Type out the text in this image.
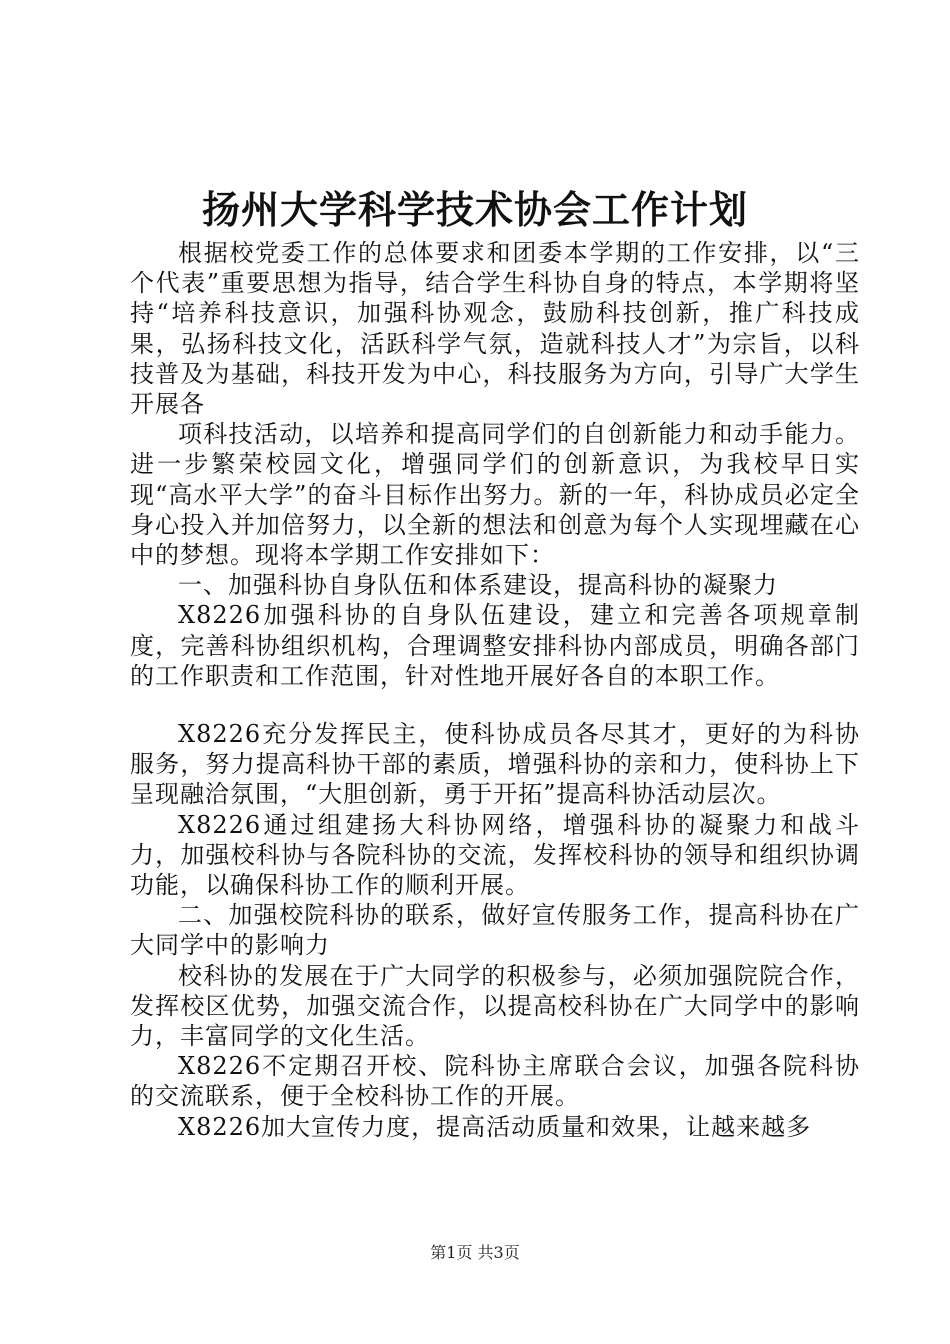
扬州大学科学技术协会工作计划

根据校党委工作的总体要求和团委本学期的工作安排，以“三个代表”重要思想为指导，结合学生科协自身的特点，本学期将坚持“培养科技意识，加强科协观念，鼓励科技创新，推广科技成果，弘扬科技文化，活跃科学气氛，造就科技人才”为宗旨，以科技普及为基础，科技开发为中心，科技服务为方向，引导广大学生开展各

项科技活动，以培养和提高同学们的自创新能力和动手能力。进一步繁荣校园文化，增强同学们的创新意识，为我校早日实现“高水平大学”的奋斗目标作出努力。新的一年，科协成员必定全身心投入并加倍努力，以全新的想法和创意为每个人实现埋藏在心中的梦想。现将本学期工作安排如下：

一、加强科协自身队伍和体系建设，提高科协的凝聚力

X8226加强科协的自身队伍建设，建立和完善各项规章制度，完善科协组织机构，合理调整安排科协内部成员，明确各部门的工作职责和工作范围，针对性地开展好各自的本职工作。

X8226充分发挥民主，使科协成员各尽其才，更好的为科协服务，努力提高科协干部的素质，增强科协的亲和力，使科协上下呈现融洽氛围，“大胆创新，勇于开拓”提高科协活动层次。

X8226通过组建扬大科协网络，增强科协的凝聚力和战斗力，加强校科协与各院科协的交流，发挥校科协的领导和组织协调功能，以确保科协工作的顺利开展。

二、加强校院科协的联系，做好宣传服务工作，提高科协在广大同学中的影响力

校科协的发展在于广大同学的积极参与，必须加强院院合作，发挥校区优势，加强交流合作，以提高校科协在广大同学中的影响力，丰富同学的文化生活。

X8226不定期召开校、院科协主席联合会议，加强各院科协的交流联系，便于全校科协工作的开展。

X8226加大宣传力度，提高活动质量和效果，让越来越多

第1页 共3页
